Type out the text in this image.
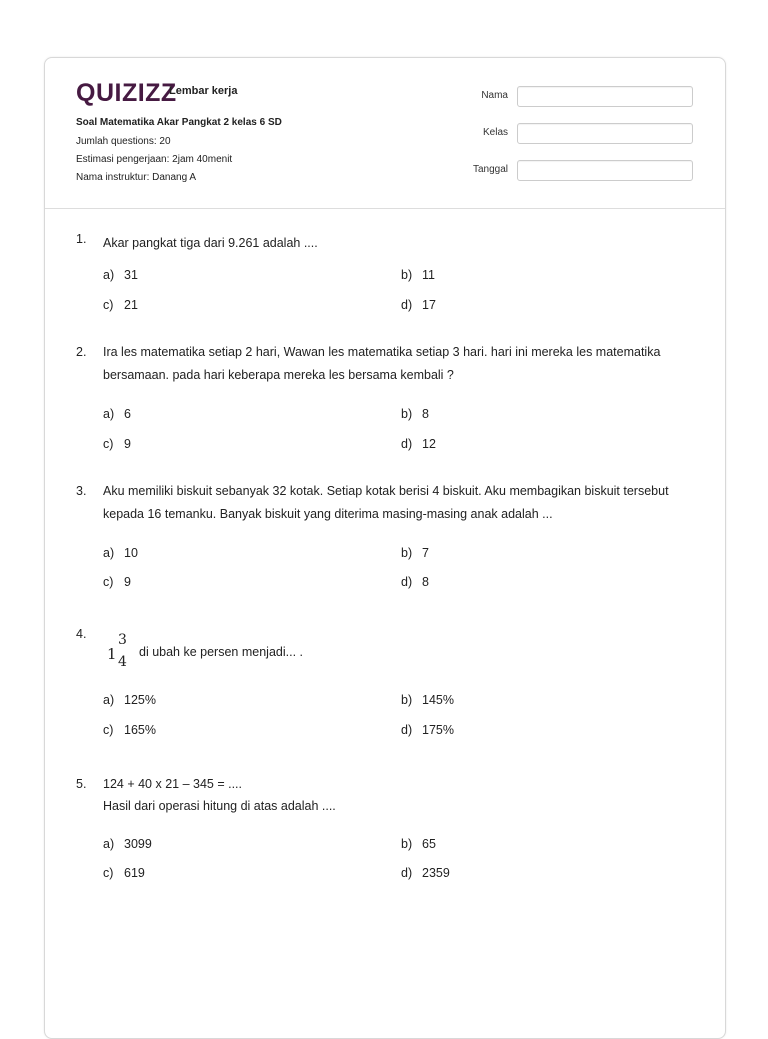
QUIZIZZ
Lembar kerja
Soal Matematika Akar Pangkat 2 kelas 6 SD
Jumlah questions: 20
Estimasi pengerjaan: 2jam 40menit
Nama instruktur: Danang A
Nama
Kelas
Tanggal
1. Akar pangkat tiga dari 9.261 adalah ....
a) 31	b) 11
c) 21	d) 17
2. Ira les matematika setiap 2 hari, Wawan les matematika setiap 3 hari. hari ini mereka les matematika bersamaan. pada hari keberapa mereka les bersama kembali ?
a) 6	b) 8
c) 9	d) 12
3. Aku memiliki biskuit sebanyak 32 kotak. Setiap kotak berisi 4 biskuit. Aku membagikan biskuit tersebut kepada 16 temanku. Banyak biskuit yang diterima masing-masing anak adalah ...
a) 10	b) 7
c) 9	d) 8
4.
1
3
4
di ubah ke persen menjadi... .
a) 125%	b) 145%
c) 165%	d) 175%
5. 124 + 40 x 21 – 345 = ....
Hasil dari operasi hitung di atas adalah ....
a) 3099	b) 65
c) 619	d) 2359
